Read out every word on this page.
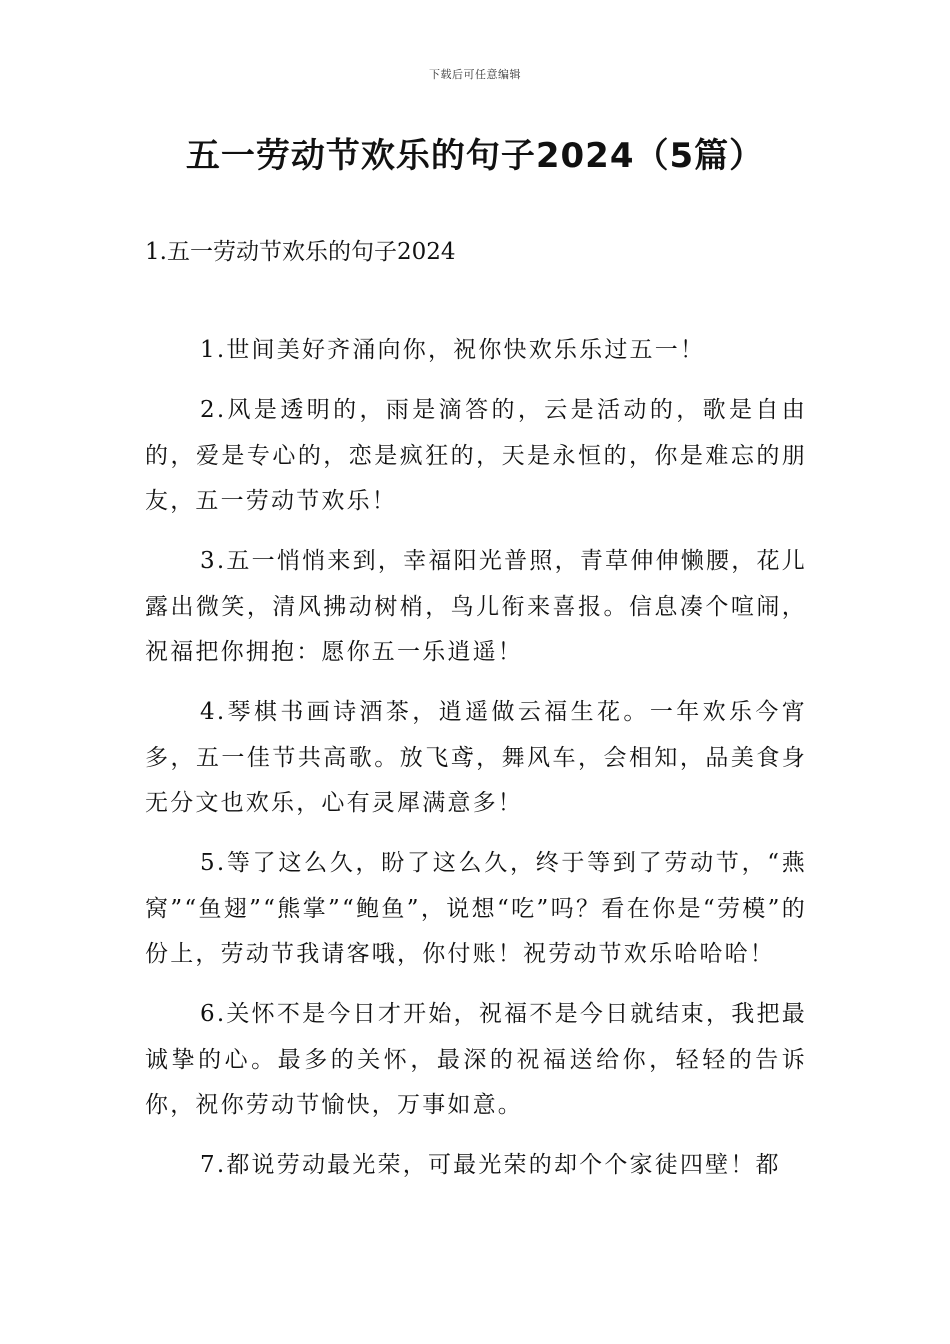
下载后可任意编辑
五一劳动节欢乐的句子2024（5篇）
1.五一劳动节欢乐的句子2024

1.世间美好齐涌向你，祝你快欢乐乐过五一！

2.风是透明的，雨是滴答的，云是活动的，歌是自由的，爱是专心的，恋是疯狂的，天是永恒的，你是难忘的朋友，五一劳动节欢乐！

3.五一悄悄来到，幸福阳光普照，青草伸伸懒腰，花儿露出微笑，清风拂动树梢，鸟儿衔来喜报。信息凑个喧闹，祝福把你拥抱：愿你五一乐逍遥！

4.琴棋书画诗酒茶，逍遥做云福生花。一年欢乐今宵多，五一佳节共高歌。放飞鸢，舞风车，会相知，品美食身无分文也欢乐，心有灵犀满意多！

5.等了这么久，盼了这么久，终于等到了劳动节，“燕窝”“鱼翅”“熊掌”“鲍鱼”，说想“吃”吗？看在你是“劳模”的份上，劳动节我请客哦，你付账！祝劳动节欢乐哈哈哈！

6.关怀不是今日才开始，祝福不是今日就结束，我把最诚挚的心。最多的关怀，最深的祝福送给你，轻轻的告诉你，祝你劳动节愉快，万事如意。

7.都说劳动最光荣，可最光荣的却个个家徒四壁！都
